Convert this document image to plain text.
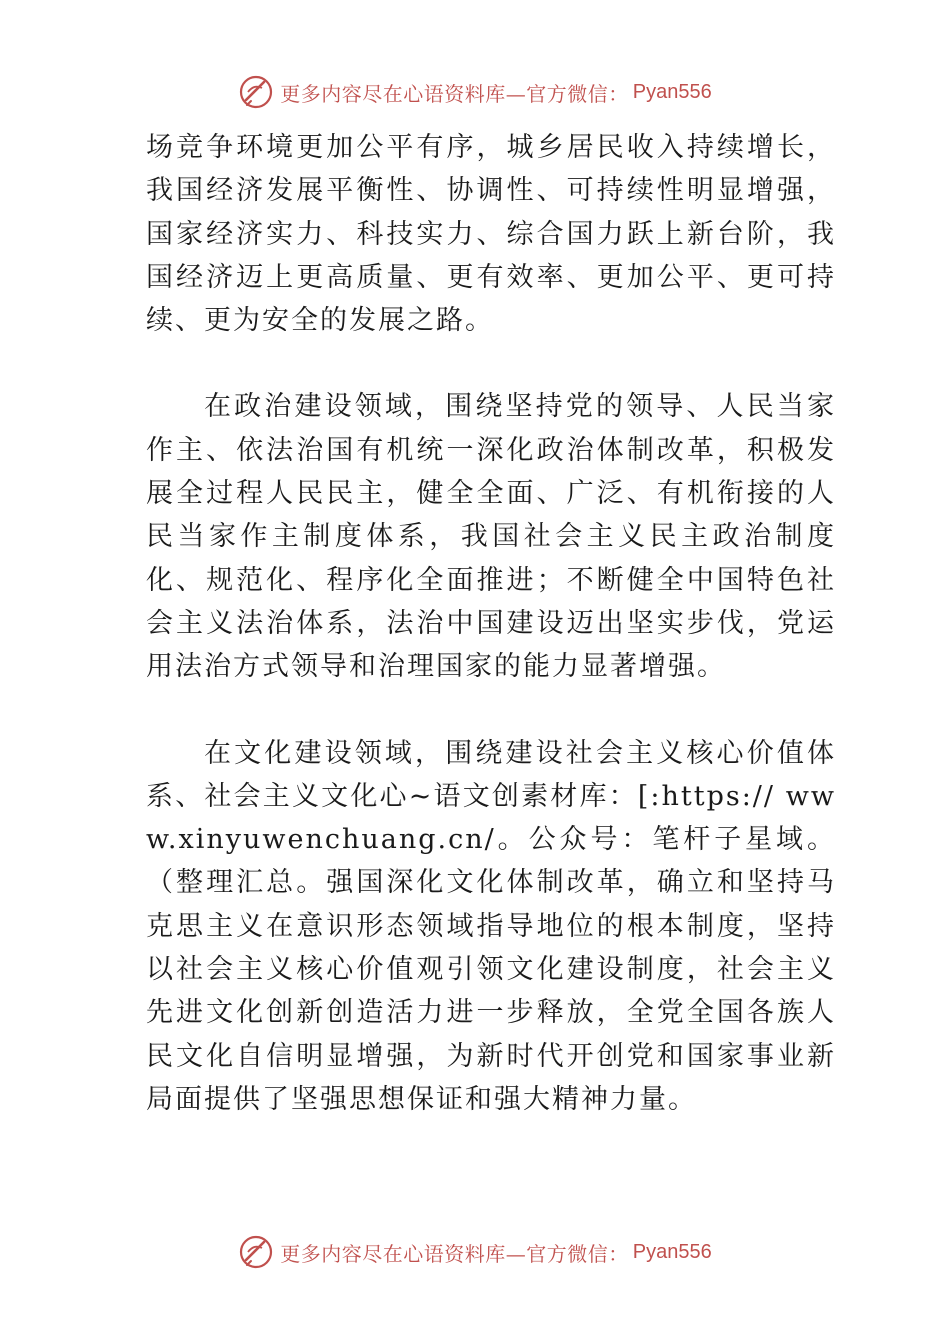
更多内容尽在心语资料库—官方微信： Pyan556

场竞争环境更加公平有序，城乡居民收入持续增长，我国经济发展平衡性、协调性、可持续性明显增强，国家经济实力、科技实力、综合国力跃上新台阶，我国经济迈上更高质量、更有效率、更加公平、更可持续、更为安全的发展之路。

在政治建设领域，围绕坚持党的领导、人民当家作主、依法治国有机统一深化政治体制改革，积极发展全过程人民民主，健全全面、广泛、有机衔接的人民当家作主制度体系，我国社会主义民主政治制度化、规范化、程序化全面推进；不断健全中国特色社会主义法治体系，法治中国建设迈出坚实步伐，党运用法治方式领导和治理国家的能力显著增强。

在文化建设领域，围绕建设社会主义核心价值体系、社会主义文化心~语文创素材库：[:https:// www.xinyuwenchuang.cn/。公众号：笔杆子星域。（整理汇总。强国深化文化体制改革，确立和坚持马克思主义在意识形态领域指导地位的根本制度，坚持以社会主义核心价值观引领文化建设制度，社会主义先进文化创新创造活力进一步释放，全党全国各族人民文化自信明显增强，为新时代开创党和国家事业新局面提供了坚强思想保证和强大精神力量。

更多内容尽在心语资料库—官方微信： Pyan556
